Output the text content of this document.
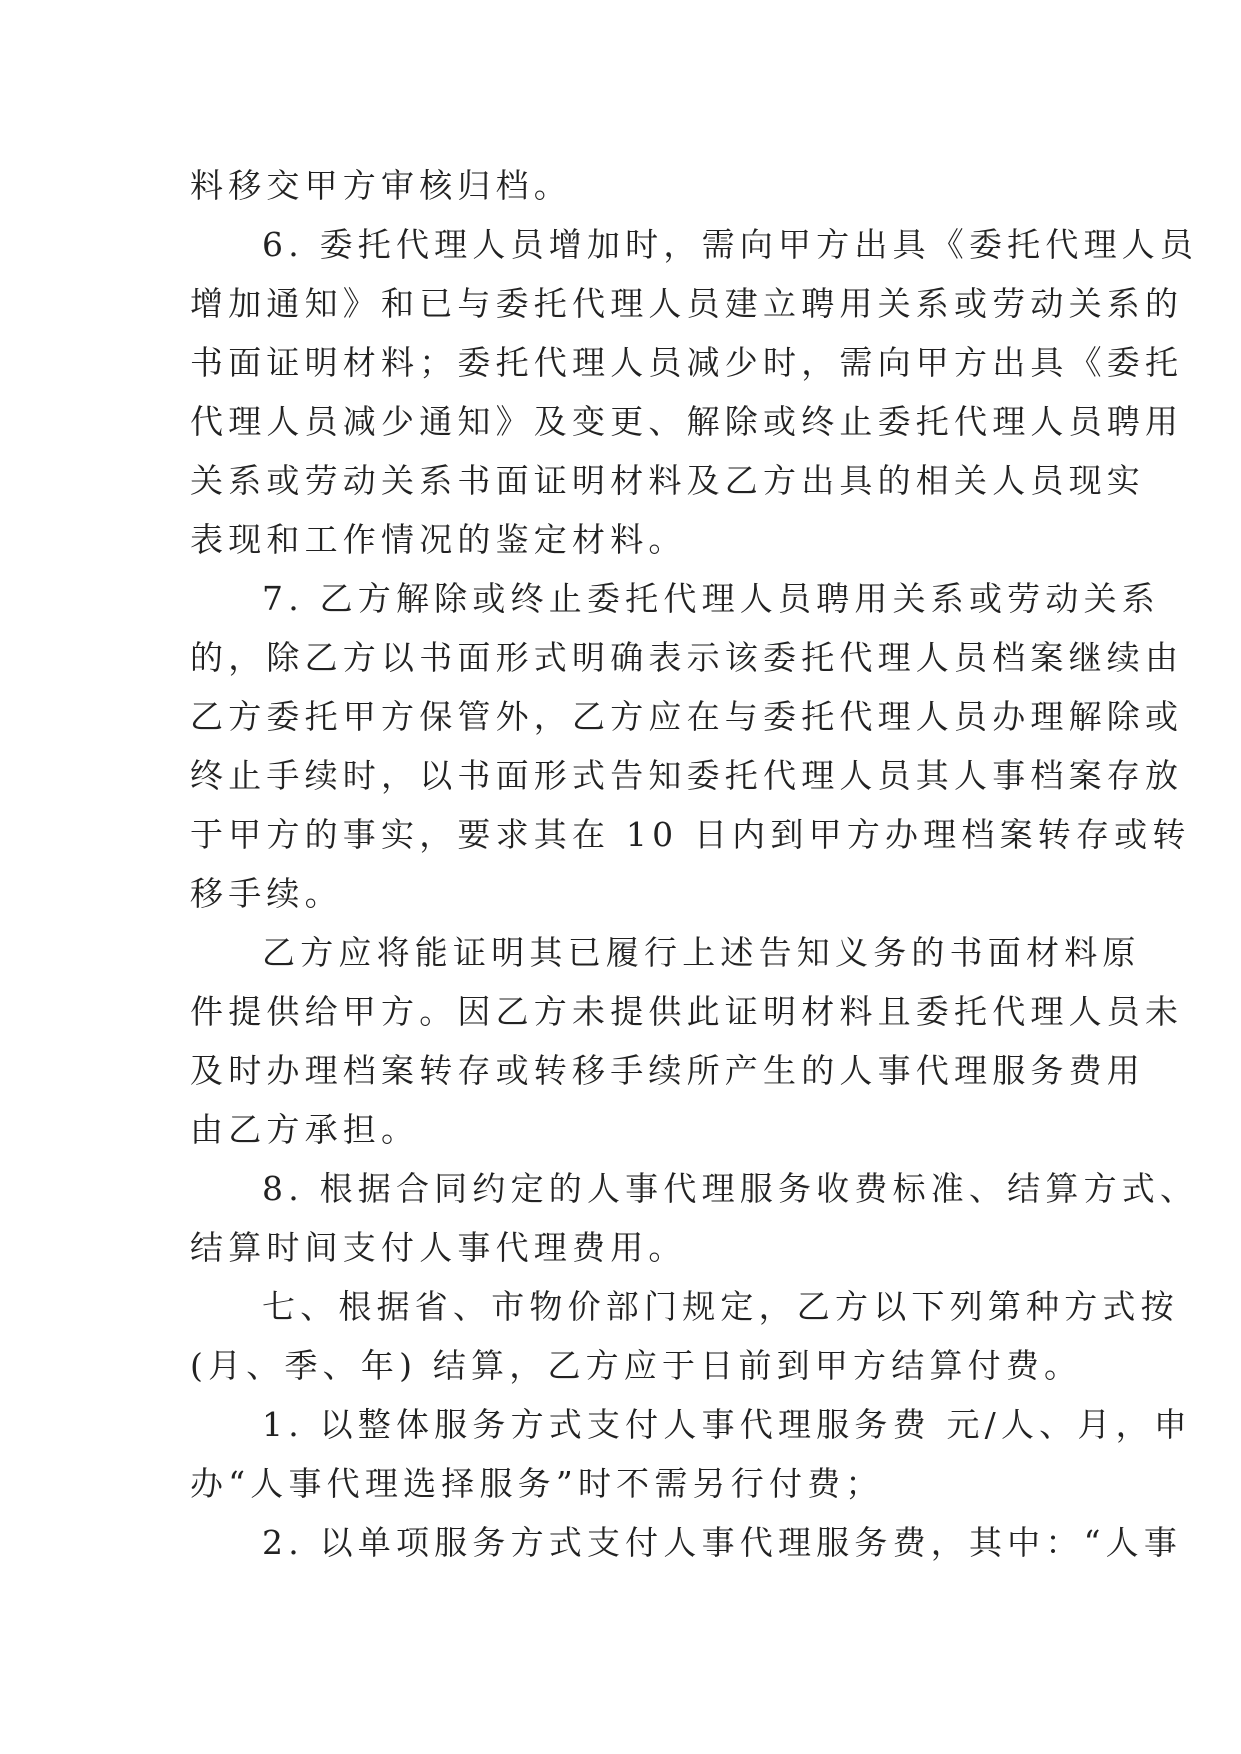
料移交甲方审核归档。
6. 委托代理人员增加时，需向甲方出具《委托代理人员
增加通知》和已与委托代理人员建立聘用关系或劳动关系的
书面证明材料；委托代理人员减少时，需向甲方出具《委托
代理人员减少通知》及变更、解除或终止委托代理人员聘用
关系或劳动关系书面证明材料及乙方出具的相关人员现实
表现和工作情况的鉴定材料。
7. 乙方解除或终止委托代理人员聘用关系或劳动关系
的，除乙方以书面形式明确表示该委托代理人员档案继续由
乙方委托甲方保管外，乙方应在与委托代理人员办理解除或
终止手续时，以书面形式告知委托代理人员其人事档案存放
于甲方的事实，要求其在 10 日内到甲方办理档案转存或转
移手续。
乙方应将能证明其已履行上述告知义务的书面材料原
件提供给甲方。因乙方未提供此证明材料且委托代理人员未
及时办理档案转存或转移手续所产生的人事代理服务费用
由乙方承担。
8. 根据合同约定的人事代理服务收费标准、结算方式、
结算时间支付人事代理费用。
七、根据省、市物价部门规定，乙方以下列第种方式按
(月、季、年) 结算，乙方应于日前到甲方结算付费。
1. 以整体服务方式支付人事代理服务费 元/人、月，申
办“人事代理选择服务”时不需另行付费；
2. 以单项服务方式支付人事代理服务费，其中：“人事
